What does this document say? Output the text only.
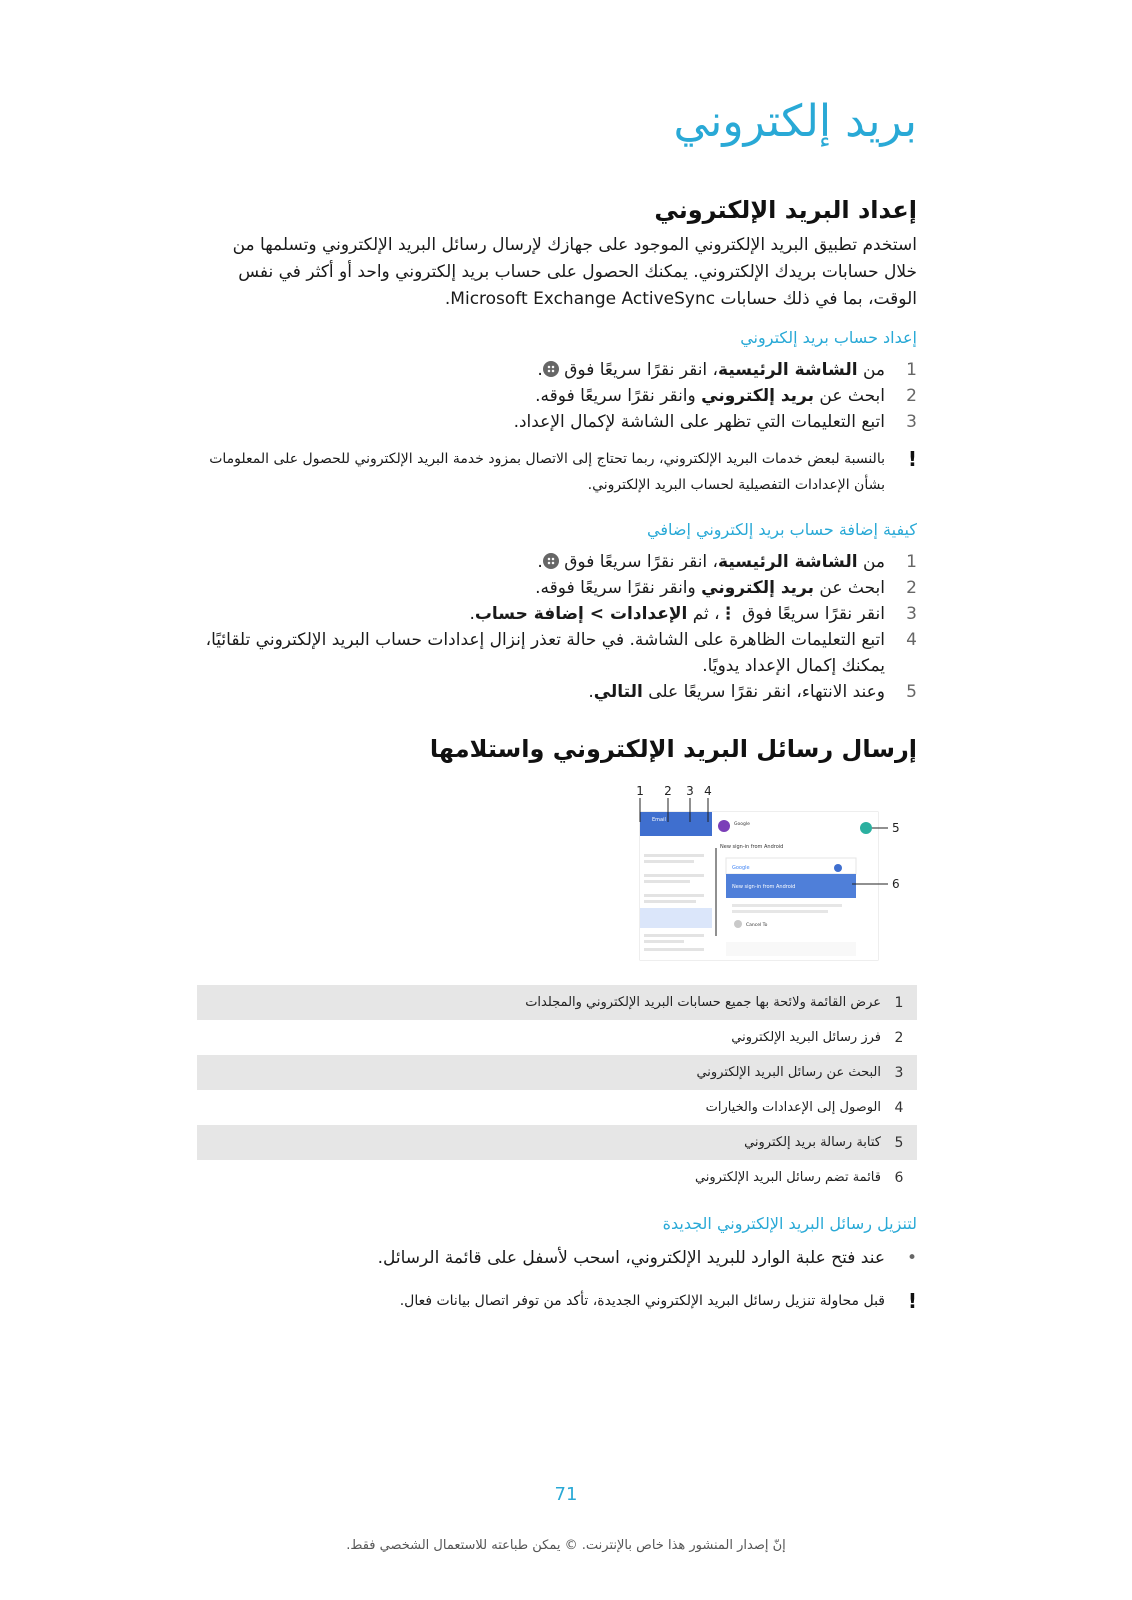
بريد إلكتروني
إعداد البريد الإلكتروني
استخدم تطبيق البريد الإلكتروني الموجود على جهازك لإرسال رسائل البريد الإلكتروني وتسلمها من خلال حسابات بريدك الإلكتروني. يمكنك الحصول على حساب بريد إلكتروني واحد أو أكثر في نفس الوقت، بما في ذلك حسابات Microsoft Exchange ActiveSync.
إعداد حساب بريد إلكتروني
1
من الشاشة الرئيسية، انقر نقرًا سريعًا فوق .
2
ابحث عن بريد إلكتروني وانقر نقرًا سريعًا فوقه.
3
اتبع التعليمات التي تظهر على الشاشة لإكمال الإعداد.
!
بالنسبة لبعض خدمات البريد الإلكتروني، ربما تحتاج إلى الاتصال بمزود خدمة البريد الإلكتروني للحصول على المعلومات بشأن الإعدادات التفصيلية لحساب البريد الإلكتروني.
كيفية إضافة حساب بريد إلكتروني إضافي
1
من الشاشة الرئيسية، انقر نقرًا سريعًا فوق .
2
ابحث عن بريد إلكتروني وانقر نقرًا سريعًا فوقه.
3
انقر نقرًا سريعًا فوق ⋮، ثم الإعدادات > إضافة حساب.
4
اتبع التعليمات الظاهرة على الشاشة. في حالة تعذر إنزال إعدادات حساب البريد الإلكتروني تلقائيًا، يمكنك إكمال الإعداد يدويًا.
5
وعند الانتهاء، انقر نقرًا سريعًا على التالي.
إرسال رسائل البريد الإلكتروني واستلامها
Email
Google
New sign-in from Android
Google
New sign-in from Android
Cancel To
1 2 3 4
5
6
1
عرض القائمة ولائحة بها جميع حسابات البريد الإلكتروني والمجلدات
2
فرز رسائل البريد الإلكتروني
3
البحث عن رسائل البريد الإلكتروني
4
الوصول إلى الإعدادات والخيارات
5
كتابة رسالة بريد إلكتروني
6
قائمة تضم رسائل البريد الإلكتروني
لتنزيل رسائل البريد الإلكتروني الجديدة
•
عند فتح علبة الوارد للبريد الإلكتروني، اسحب لأسفل على قائمة الرسائل.
!
قبل محاولة تنزيل رسائل البريد الإلكتروني الجديدة، تأكد من توفر اتصال بيانات فعال.
71
إنّ إصدار المنشور هذا خاص بالإنترنت. © يمكن طباعته للاستعمال الشخصي فقط.
